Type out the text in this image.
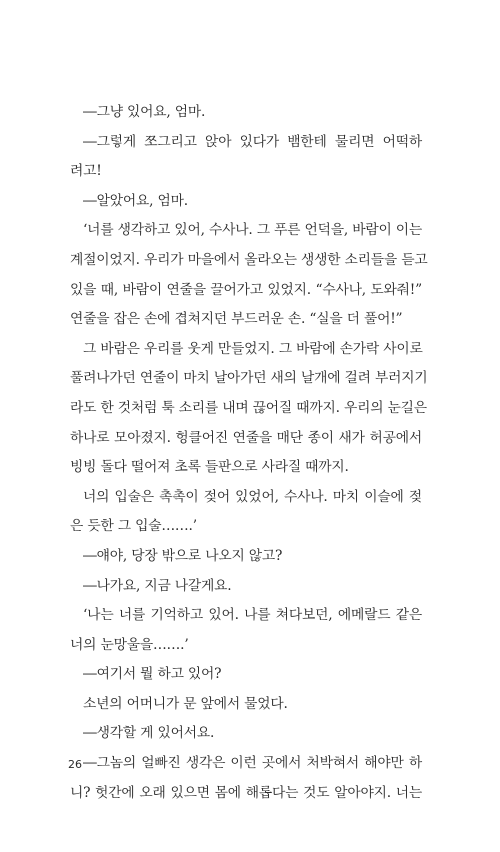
―그냥 있어요, 엄마.
―그렇게 쪼그리고 앉아 있다가 뱀한테 물리면 어떡하
려고!
―알았어요, 엄마.
‘너를 생각하고 있어, 수사나. 그 푸른 언덕을, 바람이 이는
계절이었지. 우리가 마을에서 올라오는 생생한 소리들을 듣고
있을 때, 바람이 연줄을 끌어가고 있었지. “수사나, 도와줘!”
연줄을 잡은 손에 겹쳐지던 부드러운 손. “실을 더 풀어!”
그 바람은 우리를 웃게 만들었지. 그 바람에 손가락 사이로
풀려나가던 연줄이 마치 날아가던 새의 날개에 걸려 부러지기
라도 한 것처럼 툭 소리를 내며 끊어질 때까지. 우리의 눈길은
하나로 모아졌지. 헝클어진 연줄을 매단 종이 새가 허공에서
빙빙 돌다 떨어져 초록 들판으로 사라질 때까지.
너의 입술은 촉촉이 젖어 있었어, 수사나. 마치 이슬에 젖
은 듯한 그 입술…….’
―얘야, 당장 밖으로 나오지 않고?
―나가요, 지금 나갈게요.
‘나는 너를 기억하고 있어. 나를 쳐다보던, 에메랄드 같은
너의 눈망울을…….’
―여기서 뭘 하고 있어?
소년의 어머니가 문 앞에서 물었다.
―생각할 게 있어서요.
―그놈의 얼빠진 생각은 이런 곳에서 처박혀서 해야만 하
니? 헛간에 오래 있으면 몸에 해롭다는 것도 알아야지. 너는
26
